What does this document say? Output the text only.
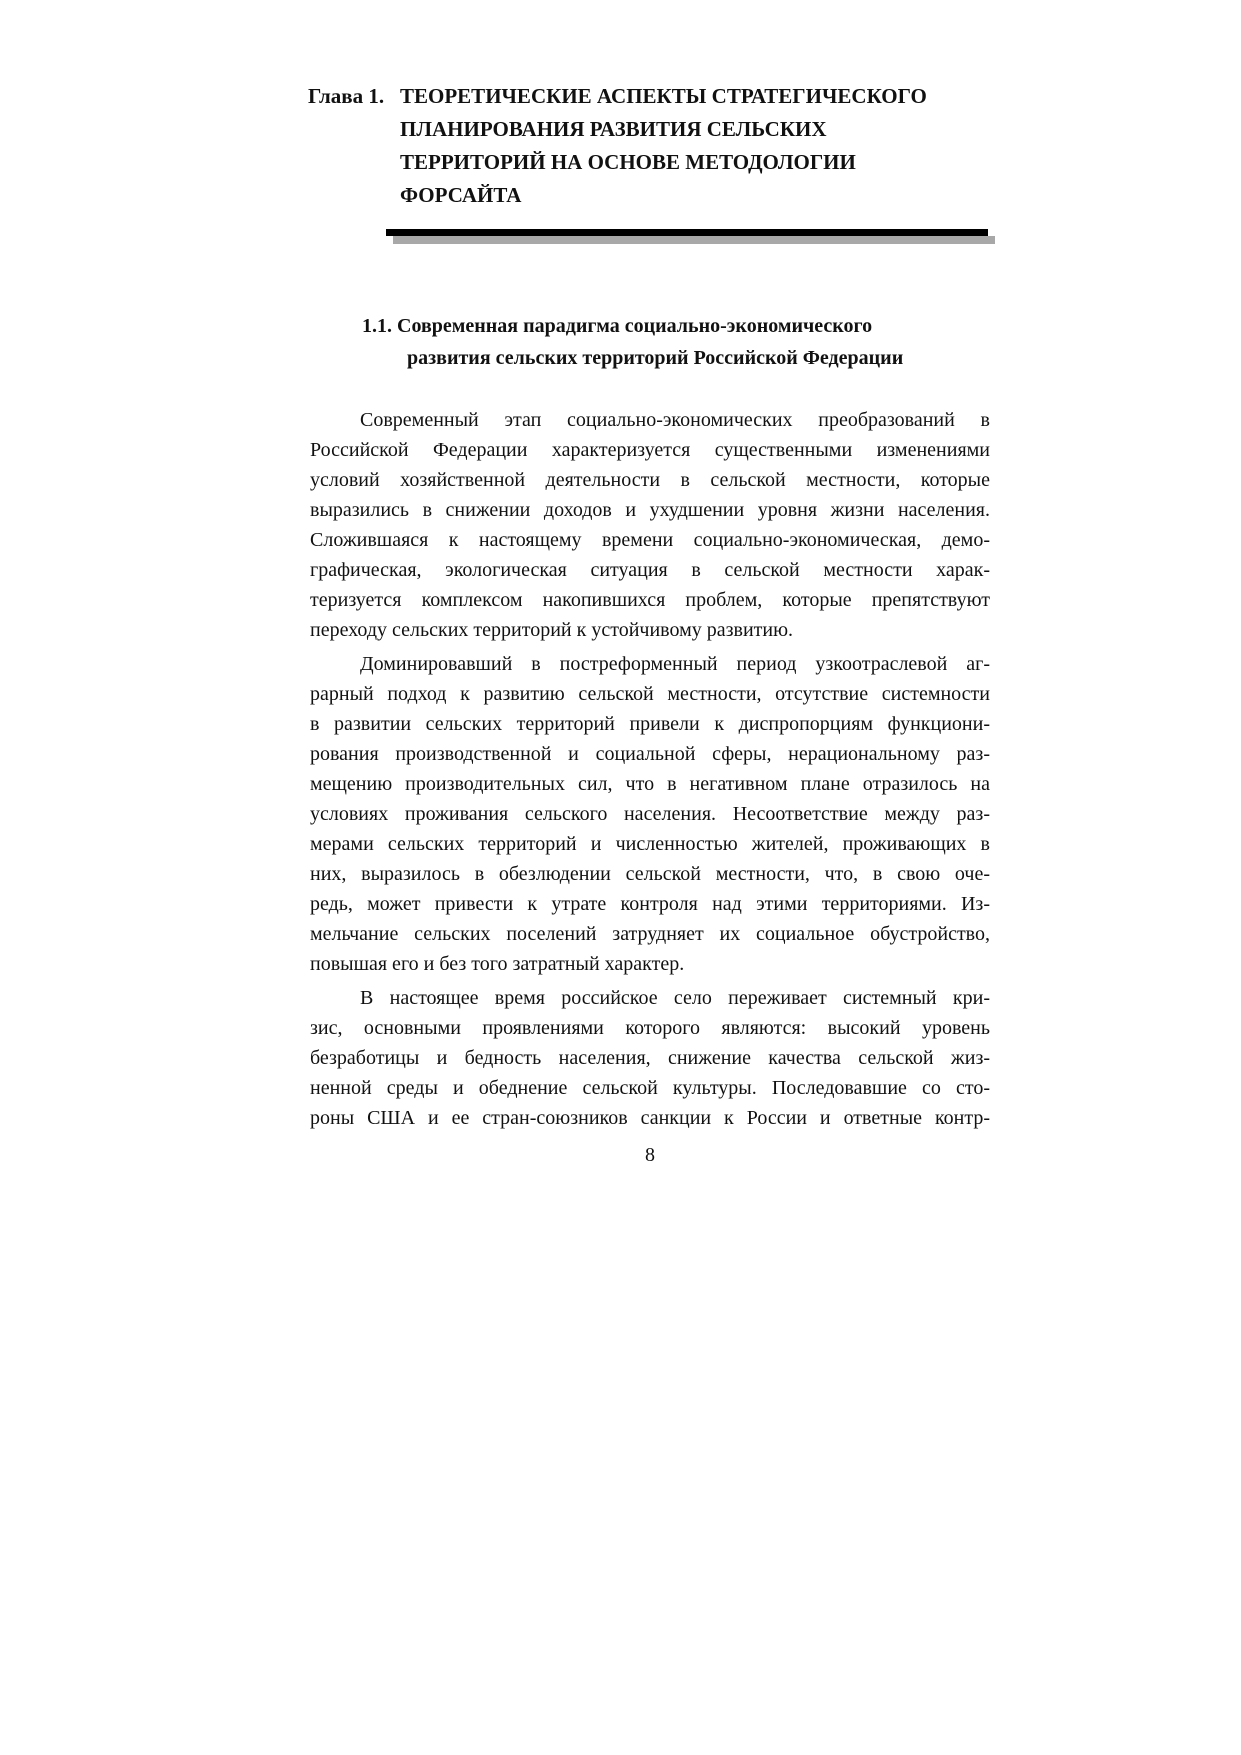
Глава 1. ТЕОРЕТИЧЕСКИЕ АСПЕКТЫ СТРАТЕГИЧЕСКОГО
ПЛАНИРОВАНИЯ РАЗВИТИЯ СЕЛЬСКИХ
ТЕРРИТОРИЙ НА ОСНОВЕ МЕТОДОЛОГИИ
ФОРСАЙТА
1.1. Современная парадигма социально-экономического
развития сельских территорий Российской Федерации
Современный этап социально-экономических преобразований в
Российской Федерации характеризуется существенными изменениями
условий хозяйственной деятельности в сельской местности, которые
выразились в снижении доходов и ухудшении уровня жизни населения.
Сложившаяся к настоящему времени социально-экономическая, демо-
графическая, экологическая ситуация в сельской местности харак-
теризуется комплексом накопившихся проблем, которые препятствуют
переходу сельских территорий к устойчивому развитию.
Доминировавший в постреформенный период узкоотраслевой аг-
рарный подход к развитию сельской местности, отсутствие системности
в развитии сельских территорий привели к диспропорциям функциони-
рования производственной и социальной сферы, нерациональному раз-
мещению производительных сил, что в негативном плане отразилось на
условиях проживания сельского населения. Несоответствие между раз-
мерами сельских территорий и численностью жителей, проживающих в
них, выразилось в обезлюдении сельской местности, что, в свою оче-
редь, может привести к утрате контроля над этими территориями. Из-
мельчание сельских поселений затрудняет их социальное обустройство,
повышая его и без того затратный характер.
В настоящее время российское село переживает системный кри-
зис, основными проявлениями которого являются: высокий уровень
безработицы и бедность населения, снижение качества сельской жиз-
ненной среды и обеднение сельской культуры. Последовавшие со сто-
роны США и ее стран-союзников санкции к России и ответные контр-
8
